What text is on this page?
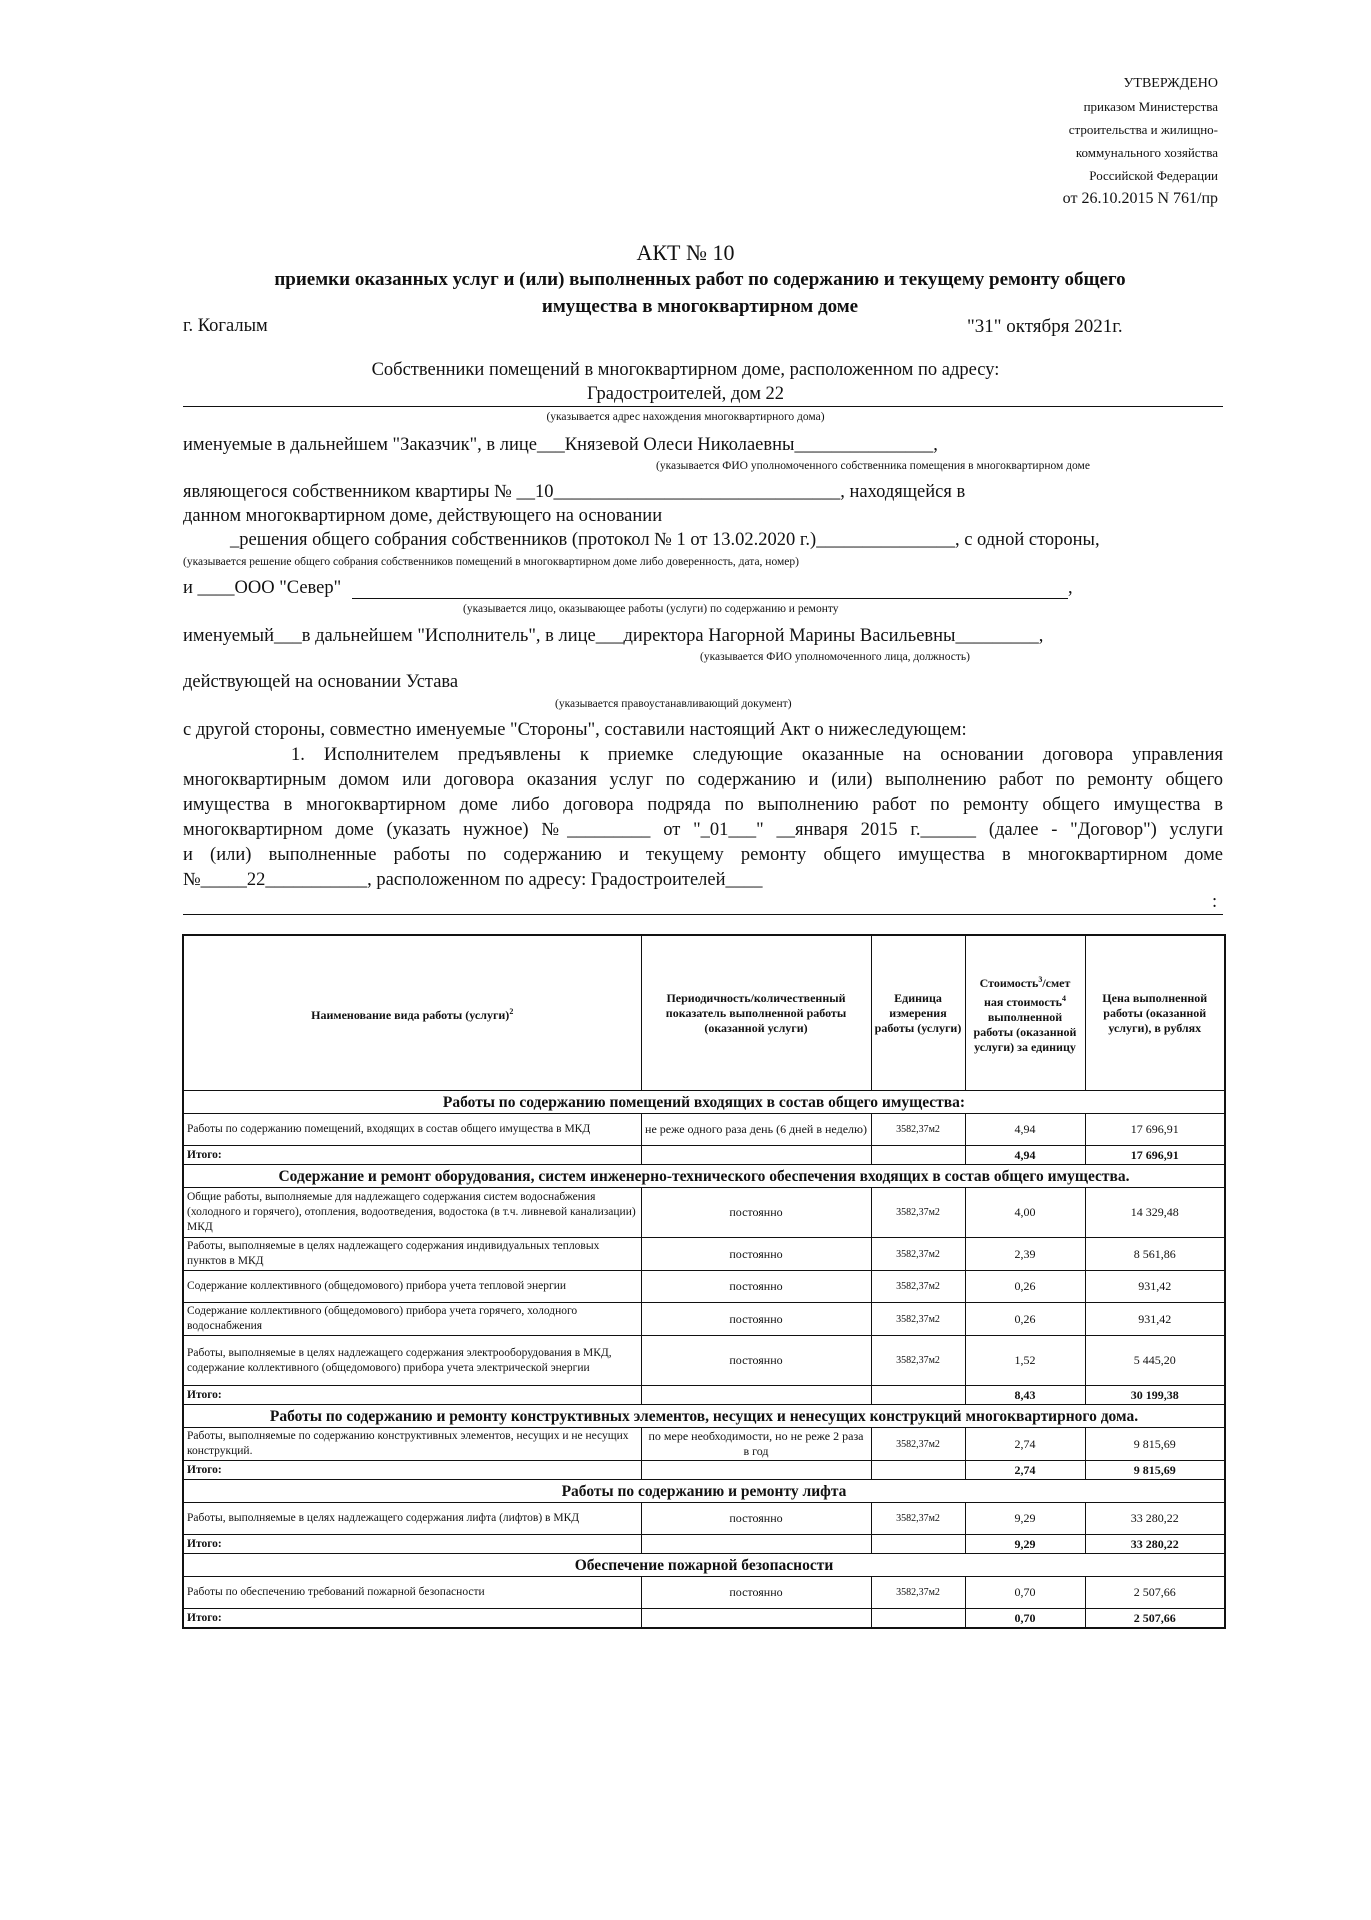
УТВЕРЖДЕНО
приказом Министерства
строительства и жилищно-
коммунального хозяйства
Российской Федерации
от 26.10.2015 N 761/пр
АКТ № 10
приемки оказанных услуг и (или) выполненных работ по содержанию и текущему ремонту общего
имущества в многоквартирном доме
г. Когалым	"31" октября 2021г.
Собственники помещений в многоквартирном доме, расположенном по адресу:
Градостроителей, дом 22
(указывается адрес нахождения многоквартирного дома)
именуемые в дальнейшем "Заказчик", в лице___Князевой Олеси Николаевны_______________,
(указывается ФИО уполномоченного собственника помещения в многоквартирном доме
являющегося собственником квартиры № __10_______________________________, находящейся в
данном многоквартирном доме, действующего на основании
_решения общего собрания собственников (протокол № 1 от 13.02.2020 г.)_______________, с одной стороны,
(указывается решение общего собрания собственников помещений в многоквартирном доме либо доверенность, дата, номер)
и ____ООО "Север"	,
(указывается лицо, оказывающее работы (услуги) по содержанию и ремонту
именуемый___в дальнейшем "Исполнитель", в лице___директора Нагорной Марины Васильевны_________,
(указывается ФИО уполномоченного лица, должность)
действующей на основании Устава
(указывается правоустанавливающий документ)
с другой стороны, совместно именуемые "Стороны", составили настоящий Акт о нижеследующем:

1. Исполнителем предъявлены к приемке следующие оказанные на основании договора управления

многоквартирным домом или договора оказания услуг по содержанию и (или) выполнению работ по ремонту общего

имущества в многоквартирном доме либо договора подряда по выполнению работ по ремонту общего имущества в

многоквартирном доме (указать нужное) №_________ от "_01___" __января 2015 г.______ (далее - "Договор") услуги

и (или) выполненные работы по содержанию и текущему ремонту общего имущества в многоквартирном доме

№_____22___________, расположенном по адресу: Градостроителей____
:
Наименование вида работы (услуги)$^2$	Периодичность/количественный показатель выполненной работы (оказанной услуги)	Единица измерения работы (услуги)	Стоимость$^3$/смет ная стоимость$^4$ выполненной работы (оказанной услуги) за единицу	Цена выполненной работы (оказанной услуги), в рублях
Работы по содержанию помещений входящих в состав общего имущества:				
Работы по содержанию помещений, входящих в состав общего имущества в МКД	не реже одного раза день (6 дней в неделю)	3582,37м2	4,94	17 696,91
Итого:			4,94	17 696,91
Содержание и ремонт оборудования, систем инженерно-технического обеспечения входящих в состав общего имущества.				
Общие работы, выполняемые для надлежащего содержания систем водоснабжения (холодного и горячего), отопления, водоотведения, водостока (в т.ч. ливневой канализации) МКД	постоянно	3582,37м2	4,00	14 329,48
Работы, выполняемые в целях надлежащего содержания индивидуальных тепловых пунктов в МКД	постоянно	3582,37м2	2,39	8 561,86
Содержание коллективного (общедомового) прибора учета тепловой энергии	постоянно	3582,37м2	0,26	931,42
Содержание коллективного (общедомового) прибора учета горячего, холодного водоснабжения	постоянно	3582,37м2	0,26	931,42
Работы, выполняемые в целях надлежащего содержания электрооборудования в МКД, содержание коллективного (общедомового) прибора учета электрической энергии	постоянно	3582,37м2	1,52	5 445,20
Итого:			8,43	30 199,38
Работы по содержанию и ремонту конструктивных элементов, несущих и ненесущих конструкций многоквартирного дома.				
Работы, выполняемые по содержанию конструктивных элементов, несущих и не несущих конструкций.	по мере необходимости, но не реже 2 раза в год	3582,37м2	2,74	9 815,69
Итого:			2,74	9 815,69
Работы по содержанию и ремонту лифта				
Работы, выполняемые в целях надлежащего содержания лифта (лифтов) в МКД	постоянно	3582,37м2	9,29	33 280,22
Итого:			9,29	33 280,22
Обеспечение пожарной безопасности				
Работы по обеспечению требований пожарной безопасности	постоянно	3582,37м2	0,70	2 507,66
Итого:			0,70	2 507,66
